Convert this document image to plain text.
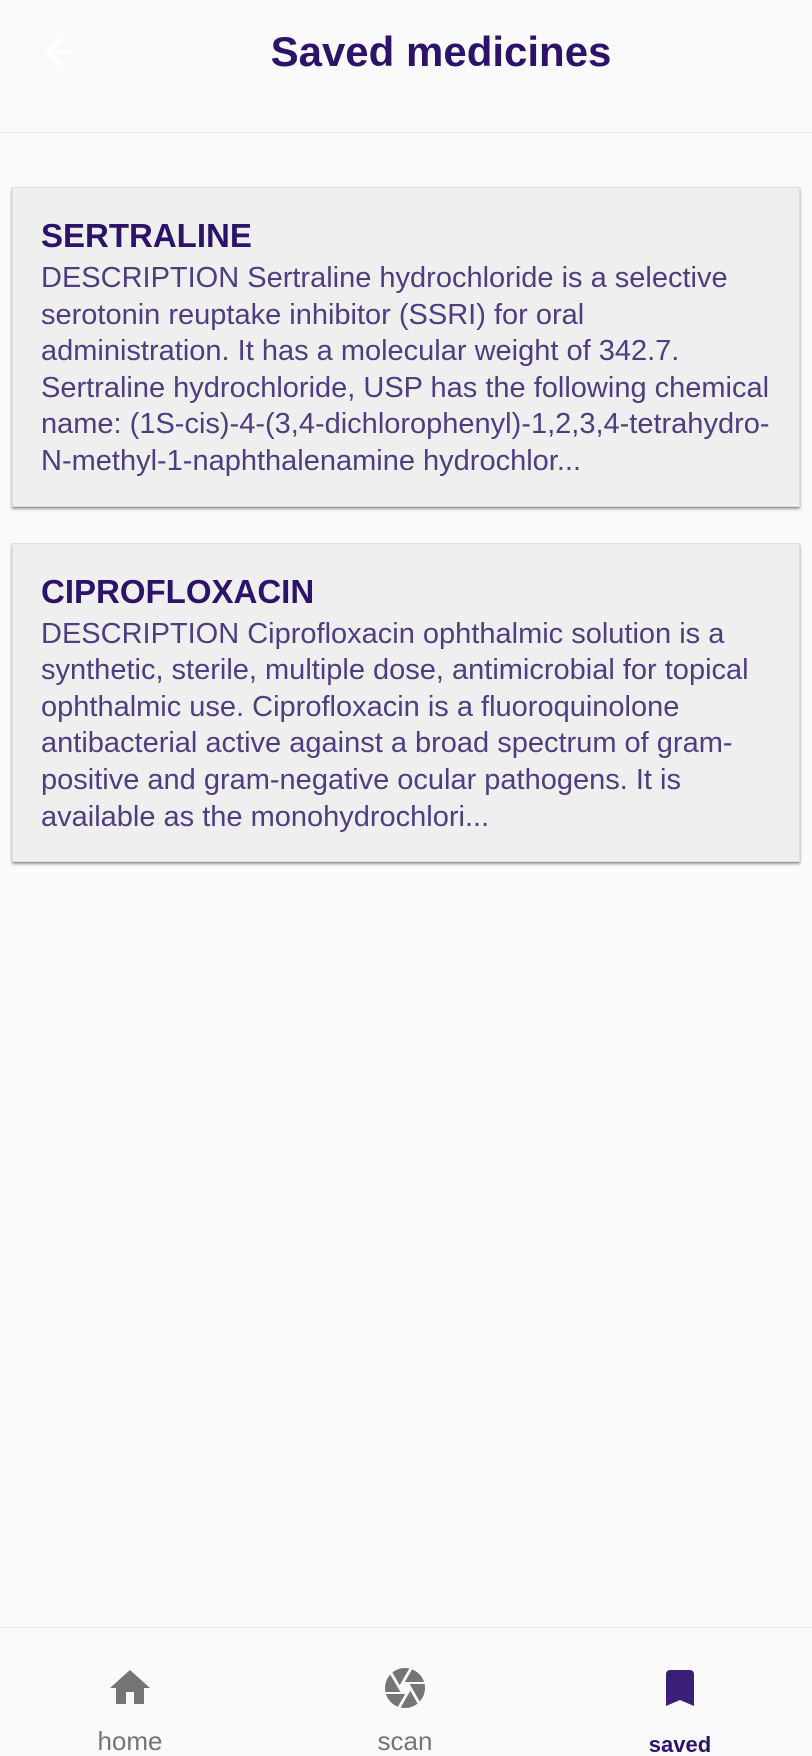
Saved medicines
SERTRALINE

DESCRIPTION Sertraline hydrochloride is a selective serotonin reuptake inhibitor (SSRI) for oral administration. It has a molecular weight of 342.7. Sertraline hydrochloride, USP has the following chemical name: (1S-cis)-4-(3,4-dichlorophenyl)-1,2,3,4-tetrahydro-N-methyl-1-naphthalenamine hydrochlor...

CIPROFLOXACIN

DESCRIPTION Ciprofloxacin ophthalmic solution is a synthetic, sterile, multiple dose, antimicrobial for topical ophthalmic use. Ciprofloxacin is a fluoroquinolone antibacterial active against a broad spectrum of gram-positive and gram-negative ocular pathogens. It is available as the monohydrochlori...

home	scan	saved
